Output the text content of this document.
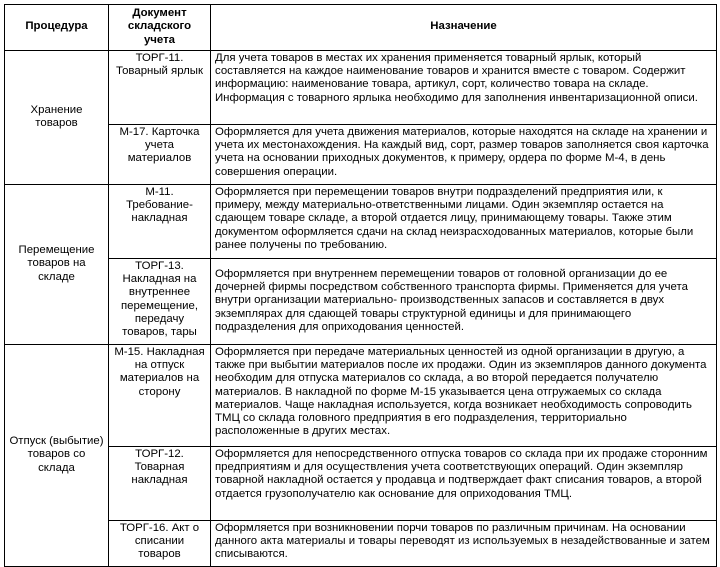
Процедура	Документ складского учета	Назначение
Хранение товаров	ТОРГ-11. Товарный ярлык	Для учета товаров в местах их хранения применяется товарный ярлык, который составляется на каждое наименование товаров и хранится вместе с товаром. Содержит информацию: наименование товара, артикул, сорт, количество товара на складе. Информация с товарного ярлыка необходимо для заполнения инвентаризационной описи.
	М-17. Карточка учета материалов	Оформляется для учета движения материалов, которые находятся на складе на хранении и учета их местонахождения. На каждый вид, сорт, размер товаров заполняется своя карточка учета на основании приходных документов, к примеру, ордера по форме М-4, в день совершения операции.
Перемещение товаров на складе	М-11. Требование-накладная	Оформляется при перемещении товаров внутри подразделений предприятия или, к примеру, между материально-ответственными лицами. Один экземпляр остается на сдающем товаре складе, а второй отдается лицу, принимающему товары. Также этим документом оформляется сдачи на склад неизрасходованных материалов, которые были ранее получены по требованию.
	ТОРГ-13. Накладная на внутреннее перемещение, передачу товаров, тары	Оформляется при внутреннем перемещении товаров от головной организации до ее дочерней фирмы посредством собственного транспорта фирмы. Применяется для учета внутри организации материально- производственных запасов и составляется в двух экземплярах для сдающей товары структурной единицы и для принимающего подразделения для оприходования ценностей.
Отпуск (выбытие) товаров со склада	М-15. Накладная на отпуск материалов на сторону	Оформляется при передаче материальных ценностей из одной организации в другую, а также при выбытии материалов после их продажи. Один из экземпляров данного документа необходим для отпуска материалов со склада, а во второй передается получателю материалов. В накладной по форме М-15 указывается цена отгружаемых со склада материалов. Чаще накладная используется, когда возникает необходимость сопроводить ТМЦ со склада головного предприятия в его подразделения, территориально расположенные в других местах.
	ТОРГ-12. Товарная накладная	Оформляется для непосредственного отпуска товаров со склада при их продаже сторонним предприятиям и для осуществления учета соответствующих операций. Один экземпляр товарной накладной остается у продавца и подтверждает факт списания товаров, а второй отдается грузополучателю как основание для оприходования ТМЦ.
	ТОРГ-16. Акт о списании товаров	Оформляется при возникновении порчи товаров по различным причинам. На основании данного акта материалы и товары переводят из используемых в незадействованные и затем списываются.
